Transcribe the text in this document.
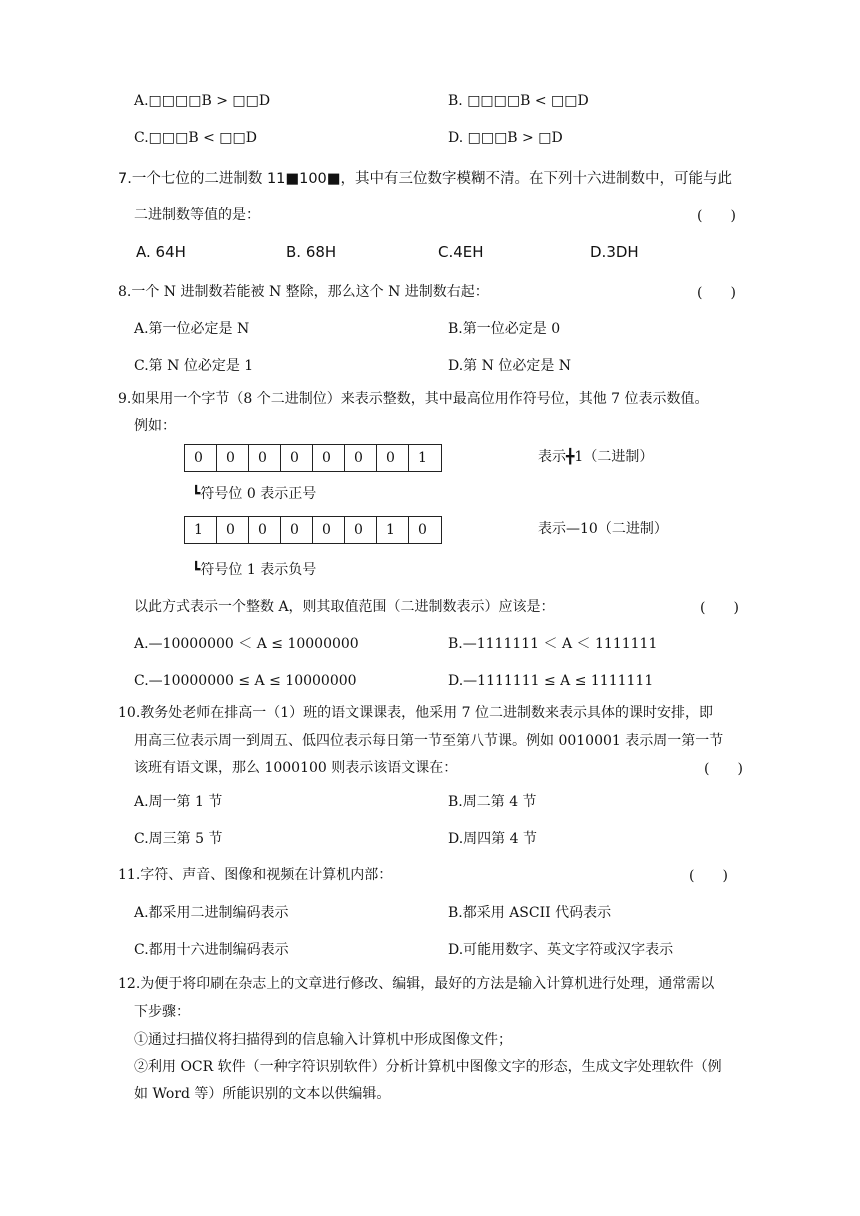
A.□□□□B > □□D	B. □□□□B < □□D
C.□□□B < □□D	D. □□□B > □D
7.一个七位的二进制数 11■100■，其中有三位数字模糊不清。在下列十六进制数中，可能与此
二进制数等值的是：	(　　)
A. 64H	B. 68H	C.4EH	D.3DH
8.一个 N 进制数若能被 N 整除，那么这个 N 进制数右起：	(　　)
A.第一位必定是 N	B.第一位必定是 0
C.第 N 位必定是 1	D.第 N 位必定是 N
9.如果用一个字节（8 个二进制位）来表示整数，其中最高位用作符号位，其他 7 位表示数值。
例如：
0	0	0	0	0	0	0	1	表示╋1（二进制）
┗符号位 0 表示正号
1	0	0	0	0	0	1	0	表示—10（二进制）
┗符号位 1 表示负号
以此方式表示一个整数 A，则其取值范围（二进制数表示）应该是：	(　　)
A.—10000000 ＜ A ≤ 10000000	B.—1111111 ＜ A ＜ 1111111
C.—10000000 ≤ A ≤ 10000000	D.—1111111 ≤ A ≤ 1111111
10.教务处老师在排高一（1）班的语文课课表，他采用 7 位二进制数来表示具体的课时安排，即
用高三位表示周一到周五、低四位表示每日第一节至第八节课。例如 0010001 表示周一第一节
该班有语文课，那么 1000100 则表示该语文课在：	(　　)
A.周一第 1 节	B.周二第 4 节
C.周三第 5 节	D.周四第 4 节
11.字符、声音、图像和视频在计算机内部：	(　　)
A.都采用二进制编码表示	B.都采用 ASCII 代码表示
C.都用十六进制编码表示	D.可能用数字、英文字符或汉字表示
12.为便于将印刷在杂志上的文章进行修改、编辑，最好的方法是输入计算机进行处理，通常需以
下步骤：
①通过扫描仪将扫描得到的信息输入计算机中形成图像文件；
②利用 OCR 软件（一种字符识别软件）分析计算机中图像文字的形态，生成文字处理软件（例
如 Word 等）所能识别的文本以供编辑。
